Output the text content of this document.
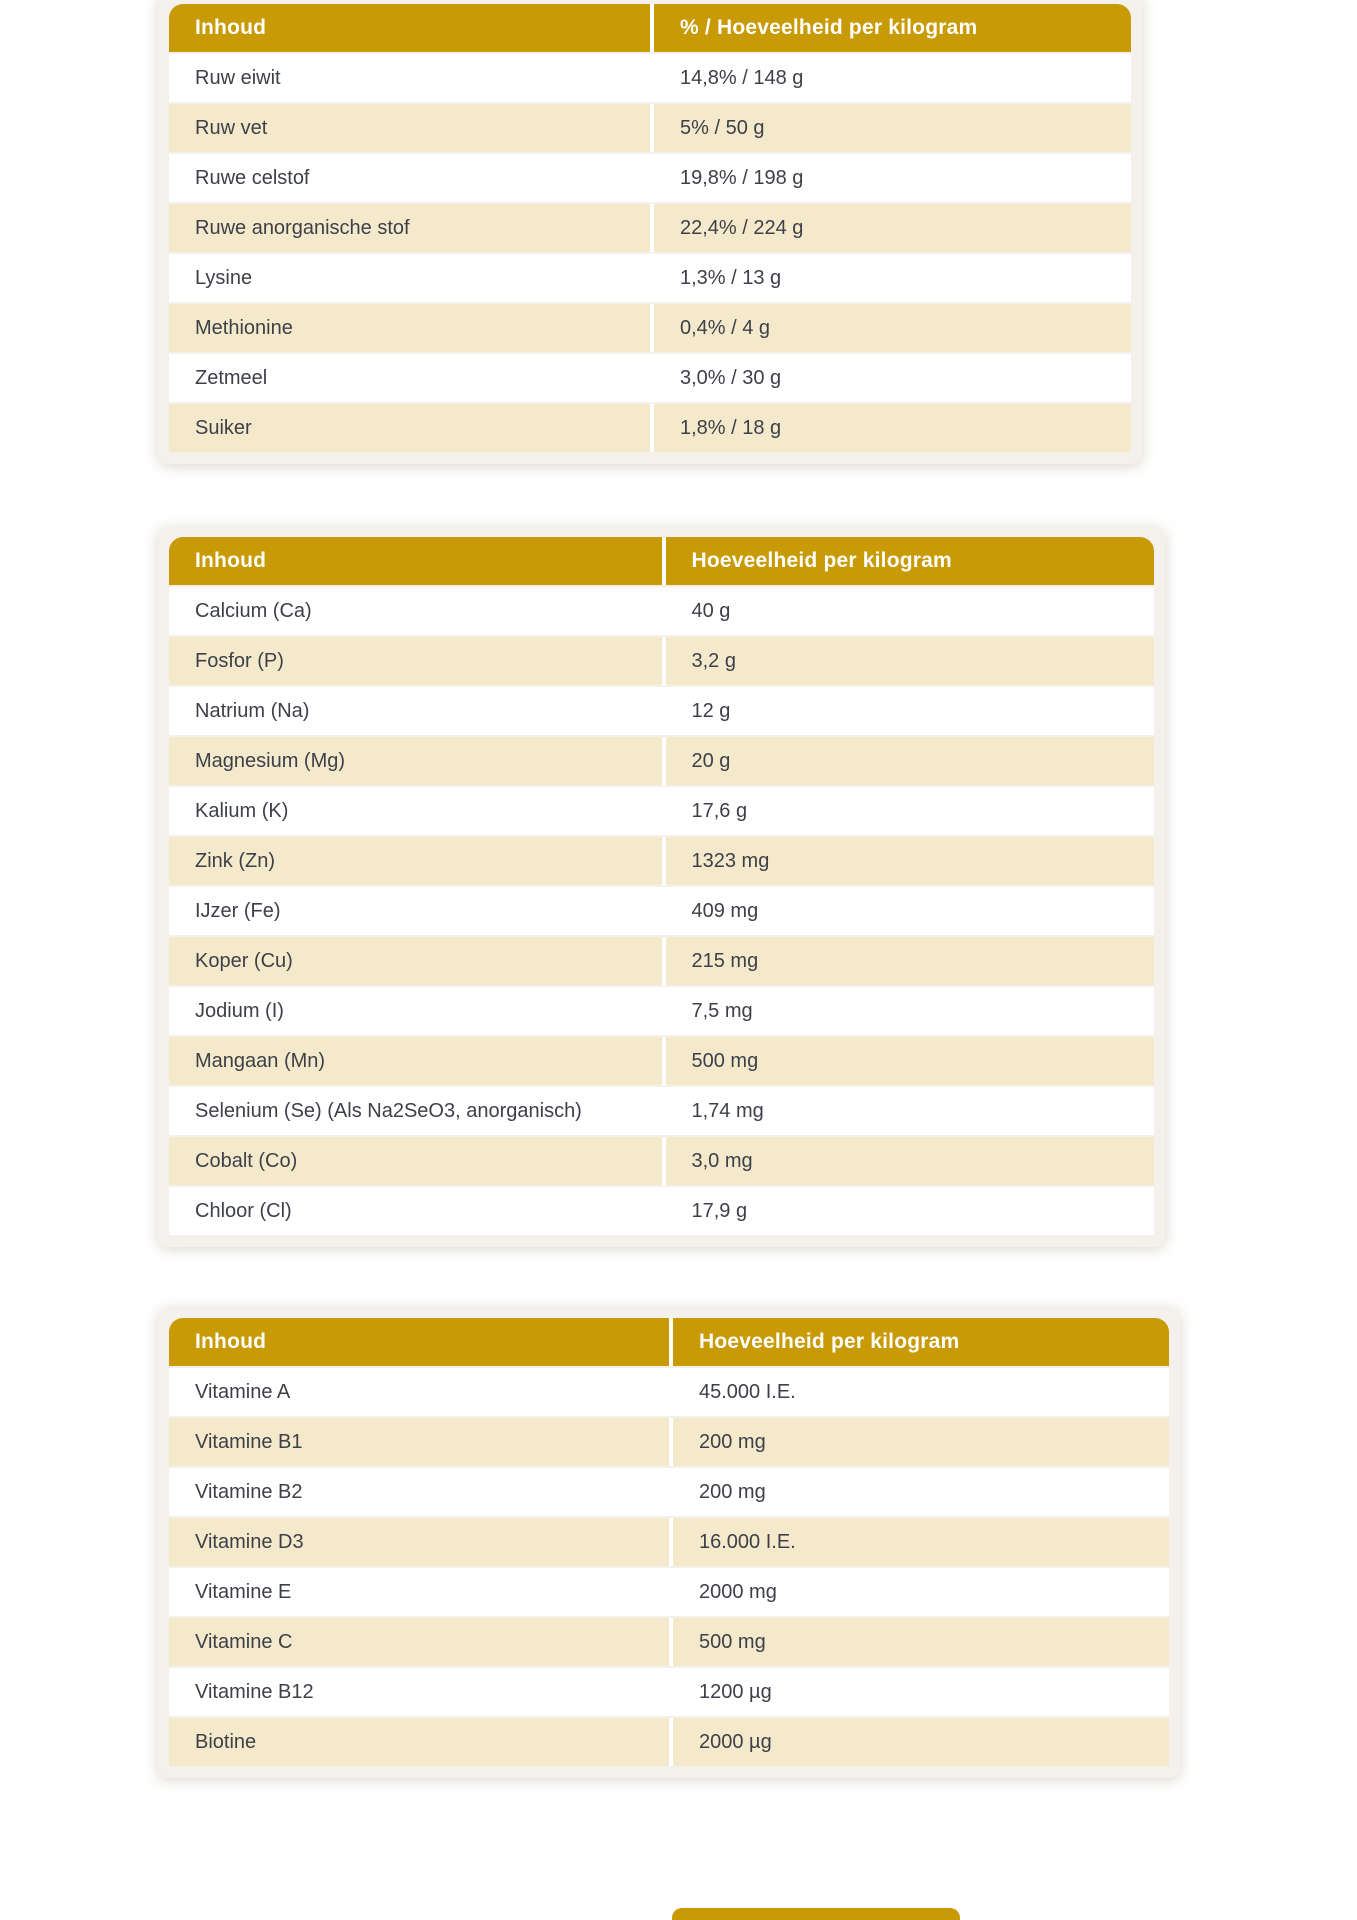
Inhoud	% / Hoeveelheid per kilogram
Ruw eiwit	14,8% / 148 g
Ruw vet	5% / 50 g
Ruwe celstof	19,8% / 198 g
Ruwe anorganische stof	22,4% / 224 g
Lysine	1,3% / 13 g
Methionine	0,4% / 4 g
Zetmeel	3,0% / 30 g
Suiker	1,8% / 18 g
Inhoud	Hoeveelheid per kilogram
Calcium (Ca)	40 g
Fosfor (P)	3,2 g
Natrium (Na)	12 g
Magnesium (Mg)	20 g
Kalium (K)	17,6 g
Zink (Zn)	1323 mg
IJzer (Fe)	409 mg
Koper (Cu)	215 mg
Jodium (I)	7,5 mg
Mangaan (Mn)	500 mg
Selenium (Se) (Als Na2SeO3, anorganisch)	1,74 mg
Cobalt (Co)	3,0 mg
Chloor (Cl)	17,9 g
Inhoud	Hoeveelheid per kilogram
Vitamine A	45.000 I.E.
Vitamine B1	200 mg
Vitamine B2	200 mg
Vitamine D3	16.000 I.E.
Vitamine E	2000 mg
Vitamine C	500 mg
Vitamine B12	1200 µg
Biotine	2000 µg
